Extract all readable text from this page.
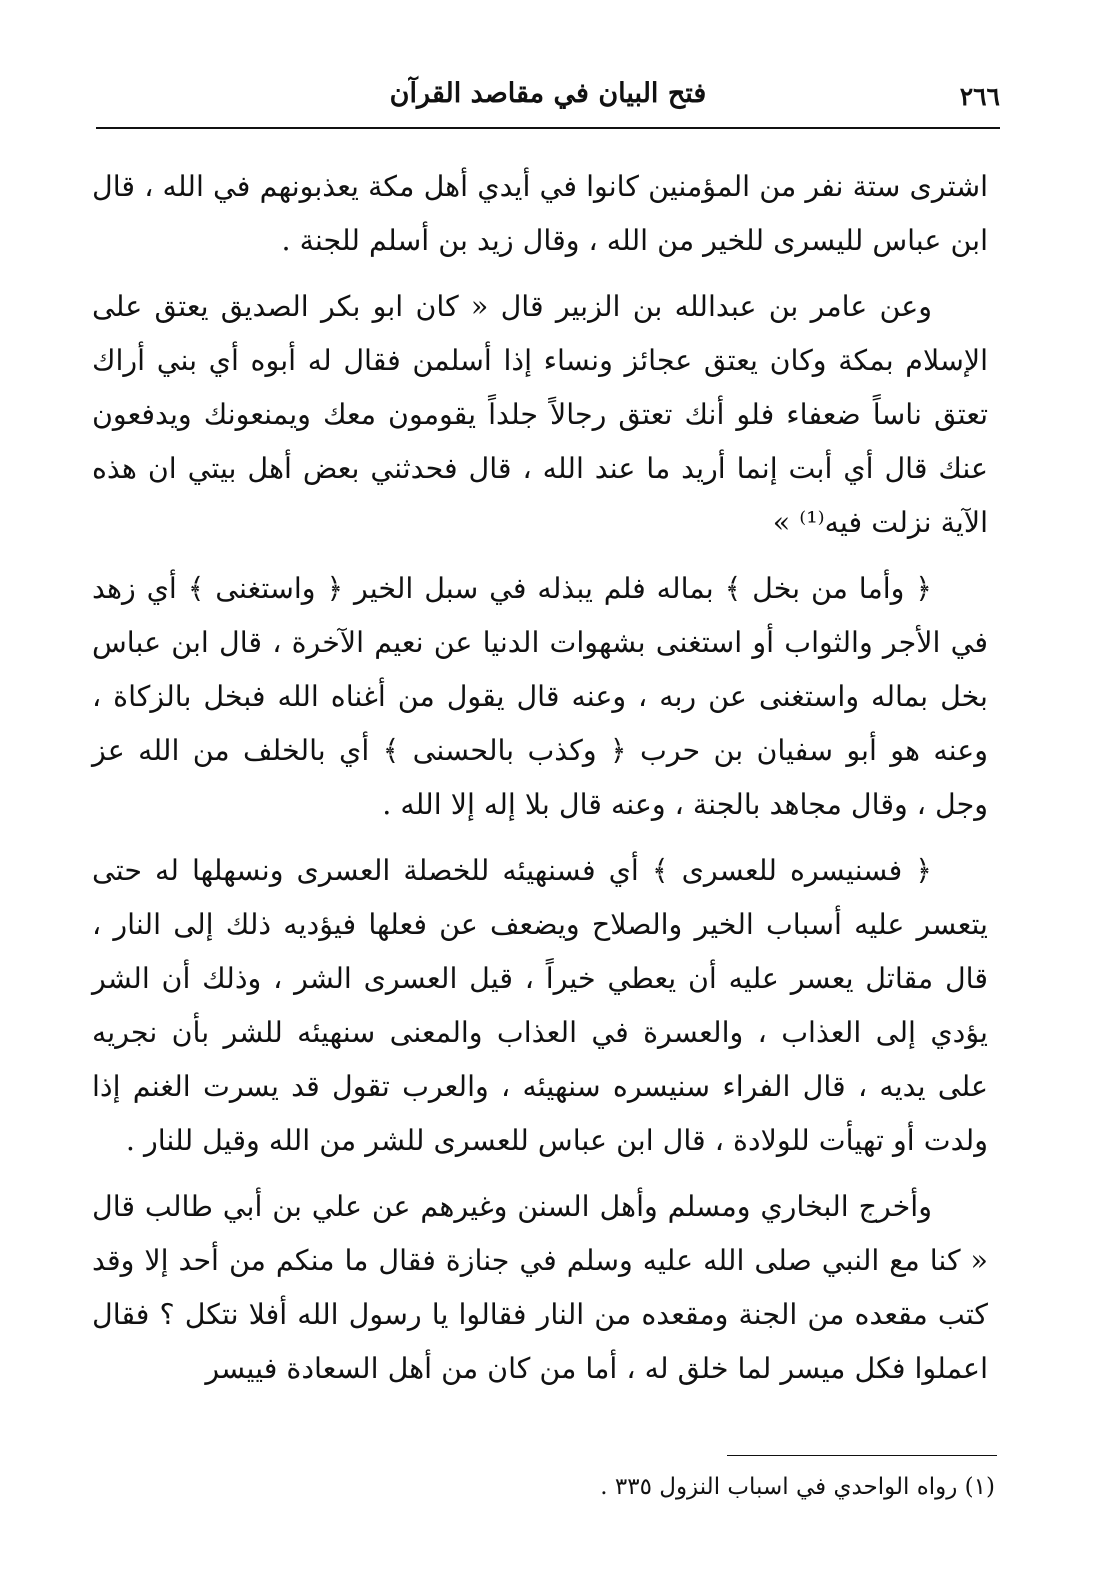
٢٦٦
فتح البيان في مقاصد القرآن

اشترى ستة نفر من المؤمنين كانوا في أيدي أهل مكة يعذبونهم في الله ، قال ابن عباس لليسرى للخير من الله ، وقال زيد بن أسلم للجنة .

وعن عامر بن عبدالله بن الزبير قال « كان ابو بكر الصديق يعتق على الإسلام بمكة وكان يعتق عجائز ونساء إذا أسلمن فقال له أبوه أي بني أراك تعتق ناساً ضعفاء فلو أنك تعتق رجالاً جلداً يقومون معك ويمنعونك ويدفعون عنك قال أي أبت إنما أريد ما عند الله ، قال فحدثني بعض أهل بيتي ان هذه الآية نزلت فيه⁽¹⁾ »

﴿ وأما من بخل ﴾ بماله فلم يبذله في سبل الخير ﴿ واستغنى ﴾ أي زهد في الأجر والثواب أو استغنى بشهوات الدنيا عن نعيم الآخرة ، قال ابن عباس بخل بماله واستغنى عن ربه ، وعنه قال يقول من أغناه الله فبخل بالزكاة ، وعنه هو أبو سفيان بن حرب ﴿ وكذب بالحسنى ﴾ أي بالخلف من الله عز وجل ، وقال مجاهد بالجنة ، وعنه قال بلا إله إلا الله .

﴿ فسنيسره للعسرى ﴾ أي فسنهيئه للخصلة العسرى ونسهلها له حتى يتعسر عليه أسباب الخير والصلاح ويضعف عن فعلها فيؤديه ذلك إلى النار ، قال مقاتل يعسر عليه أن يعطي خيراً ، قيل العسرى الشر ، وذلك أن الشر يؤدي إلى العذاب ، والعسرة في العذاب والمعنى سنهيئه للشر بأن نجريه على يديه ، قال الفراء سنيسره سنهيئه ، والعرب تقول قد يسرت الغنم إذا ولدت أو تهيأت للولادة ، قال ابن عباس للعسرى للشر من الله وقيل للنار .

وأخرج البخاري ومسلم وأهل السنن وغيرهم عن علي بن أبي طالب قال « كنا مع النبي صلى الله عليه وسلم في جنازة فقال ما منكم من أحد إلا وقد كتب مقعده من الجنة ومقعده من النار فقالوا يا رسول الله أفلا نتكل ؟ فقال اعملوا فكل ميسر لما خلق له ، أما من كان من أهل السعادة فييسر

(١) رواه الواحدي في اسباب النزول ٣٣٥ .
